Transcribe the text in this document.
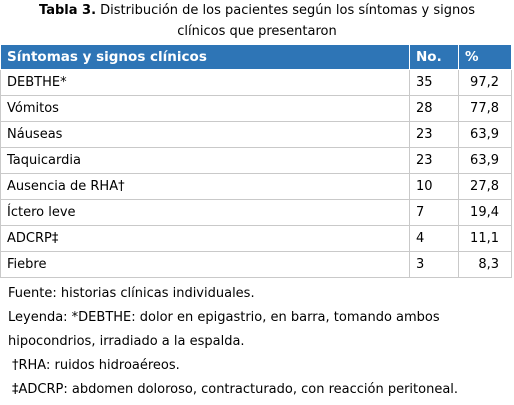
Tabla 3. Distribución de los pacientes según los síntomas y signos
clínicos que presentaron
Síntomas y signos clínicos	No.	%
DEBTHE*	35	97,2
Vómitos	28	77,8
Náuseas	23	63,9
Taquicardia	23	63,9
Ausencia de RHA†	10	27,8
Íctero leve	7	19,4
ADCRP‡	4	11,1
Fiebre	3	8,3
Fuente: historias clínicas individuales.
Leyenda: *DEBTHE: dolor en epigastrio, en barra, tomando ambos
hipocondrios, irradiado a la espalda.
†RHA: ruidos hidroaéreos.
‡ADCRP: abdomen doloroso, contracturado, con reacción peritoneal.
